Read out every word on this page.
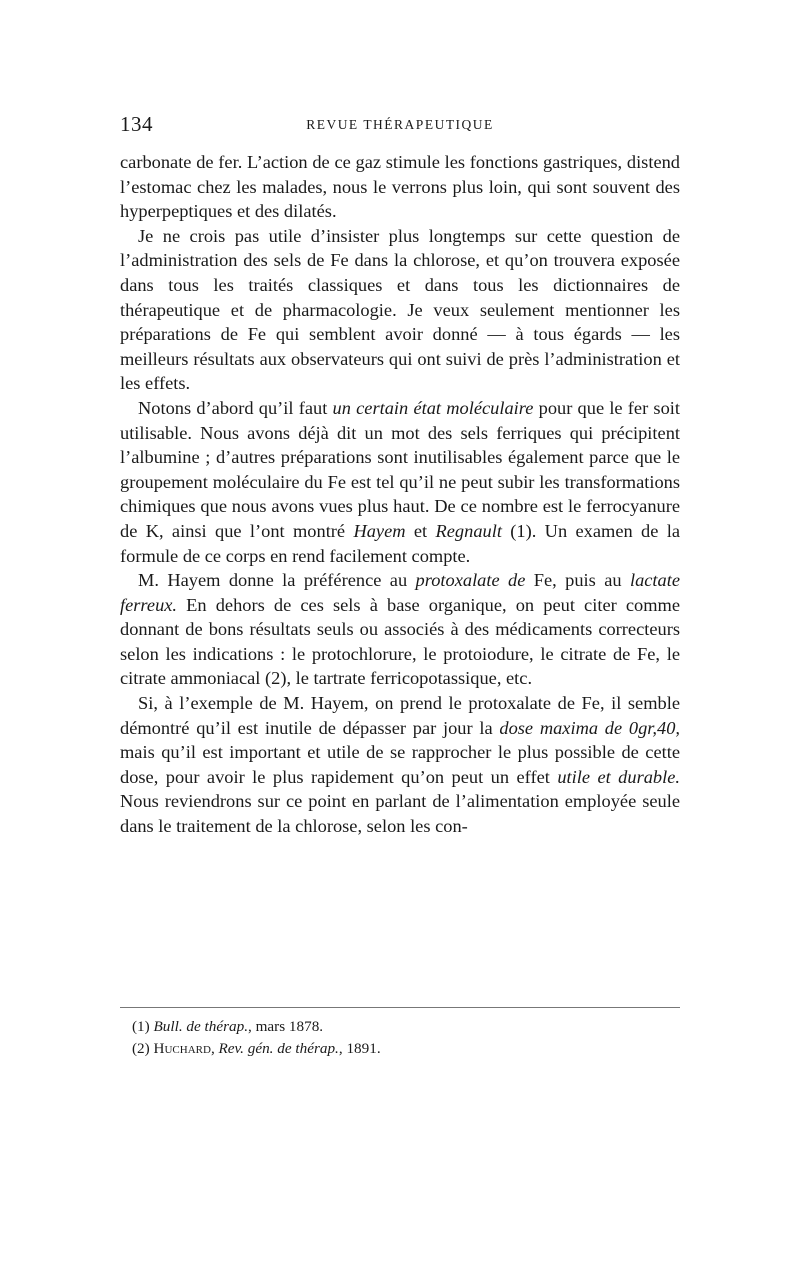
134	REVUE THÉRAPEUTIQUE

carbonate de fer. L’action de ce gaz stimule les fonctions gastriques, distend l’estomac chez les malades, nous le verrons plus loin, qui sont souvent des hyperpeptiques et des dilatés.

Je ne crois pas utile d’insister plus longtemps sur cette question de l’administration des sels de Fe dans la chlorose, et qu’on trouvera exposée dans tous les traités classiques et dans tous les dictionnaires de thérapeutique et de pharmacologie. Je veux seulement mentionner les préparations de Fe qui semblent avoir donné — à tous égards — les meilleurs résultats aux observateurs qui ont suivi de près l’administration et les effets.

Notons d’abord qu’il faut un certain état moléculaire pour que le fer soit utilisable. Nous avons déjà dit un mot des sels ferriques qui précipitent l’albumine ; d’autres préparations sont inutilisables également parce que le groupement moléculaire du Fe est tel qu’il ne peut subir les transformations chimiques que nous avons vues plus haut. De ce nombre est le ferrocyanure de K, ainsi que l’ont montré Hayem et Regnault (1). Un examen de la formule de ce corps en rend facilement compte.

M. Hayem donne la préférence au protoxalate de Fe, puis au lactate ferreux. En dehors de ces sels à base organique, on peut citer comme donnant de bons résultats seuls ou associés à des médicaments correcteurs selon les indications : le protochlorure, le protoiodure, le citrate de Fe, le citrate ammoniacal (2), le tartrate ferricopotassique, etc.

Si, à l’exemple de M. Hayem, on prend le protoxalate de Fe, il semble démontré qu’il est inutile de dépasser par jour la dose maxima de 0gr,40, mais qu’il est important et utile de se rapprocher le plus possible de cette dose, pour avoir le plus rapidement qu’on peut un effet utile et durable. Nous reviendrons sur ce point en parlant de l’alimentation employée seule dans le traitement de la chlorose, selon les con-

(1) Bull. de thérap., mars 1878.
(2) Huchard, Rev. gén. de thérap., 1891.
